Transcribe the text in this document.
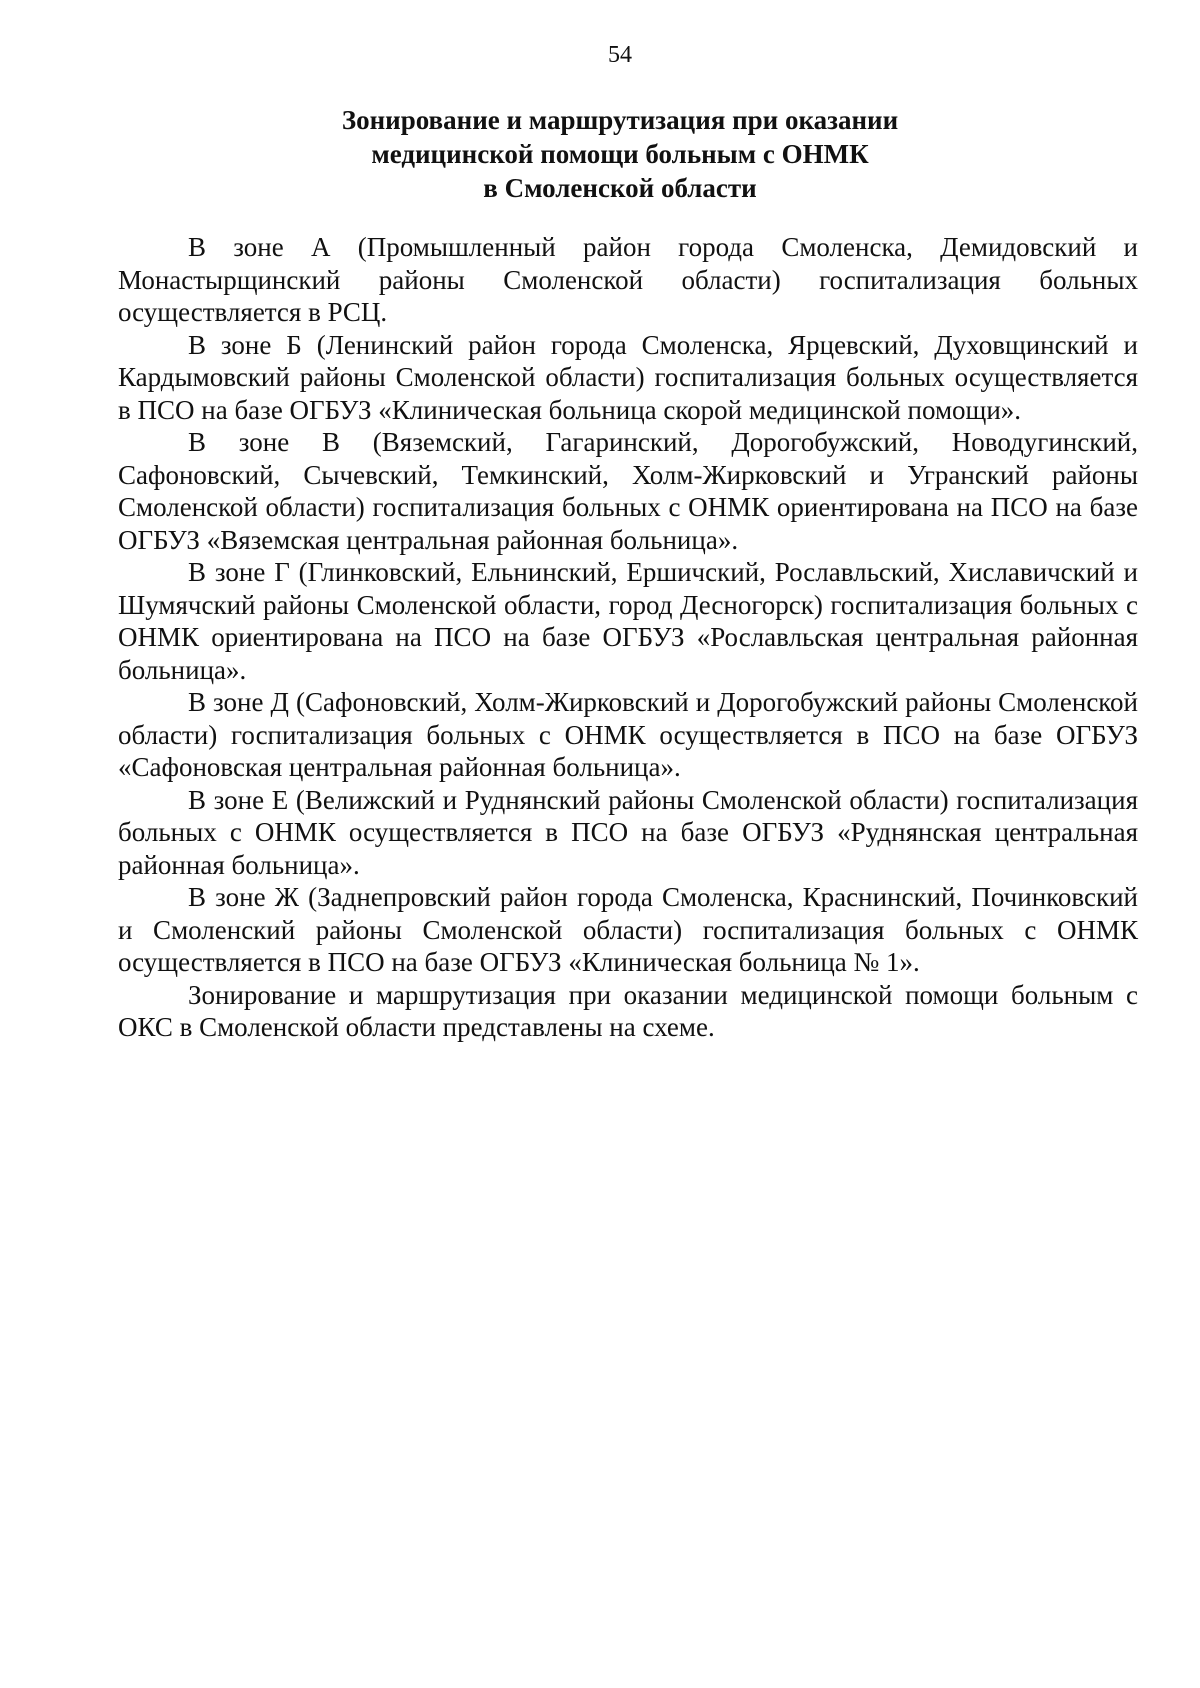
54
Зонирование и маршрутизация при оказании
медицинской помощи больным с ОНМК
в Смоленской области

В зоне А (Промышленный район города Смоленска, Демидовский и Монастырщинский районы Смоленской области) госпитализация больных осуществляется в РСЦ.

В зоне Б (Ленинский район города Смоленска, Ярцевский, Духовщинский и Кардымовский районы Смоленской области) госпитализация больных осуществляется в ПСО на базе ОГБУЗ «Клиническая больница скорой медицинской помощи».

В зоне В (Вяземский, Гагаринский, Дорогобужский, Новодугинский, Сафоновский, Сычевский, Темкинский, Холм-Жирковский и Угранский районы Смоленской области) госпитализация больных с ОНМК ориентирована на ПСО на базе ОГБУЗ «Вяземская центральная районная больница».

В зоне Г (Глинковский, Ельнинский, Ершичский, Рославльский, Хиславичский и Шумячский районы Смоленской области, город Десногорск) госпитализация больных с ОНМК ориентирована на ПСО на базе ОГБУЗ «Рославльская центральная районная больница».

В зоне Д (Сафоновский, Холм-Жирковский и Дорогобужский районы Смоленской области) госпитализация больных с ОНМК осуществляется в ПСО на базе ОГБУЗ «Сафоновская центральная районная больница».

В зоне Е (Велижский и Руднянский районы Смоленской области) госпитализация больных с ОНМК осуществляется в ПСО на базе ОГБУЗ «Руднянская центральная районная больница».

В зоне Ж (Заднепровский район города Смоленска, Краснинский, Починковский и Смоленский районы Смоленской области) госпитализация больных с ОНМК осуществляется в ПСО на базе ОГБУЗ «Клиническая больница № 1».

Зонирование и маршрутизация при оказании медицинской помощи больным с ОКС в Смоленской области представлены на схеме.
